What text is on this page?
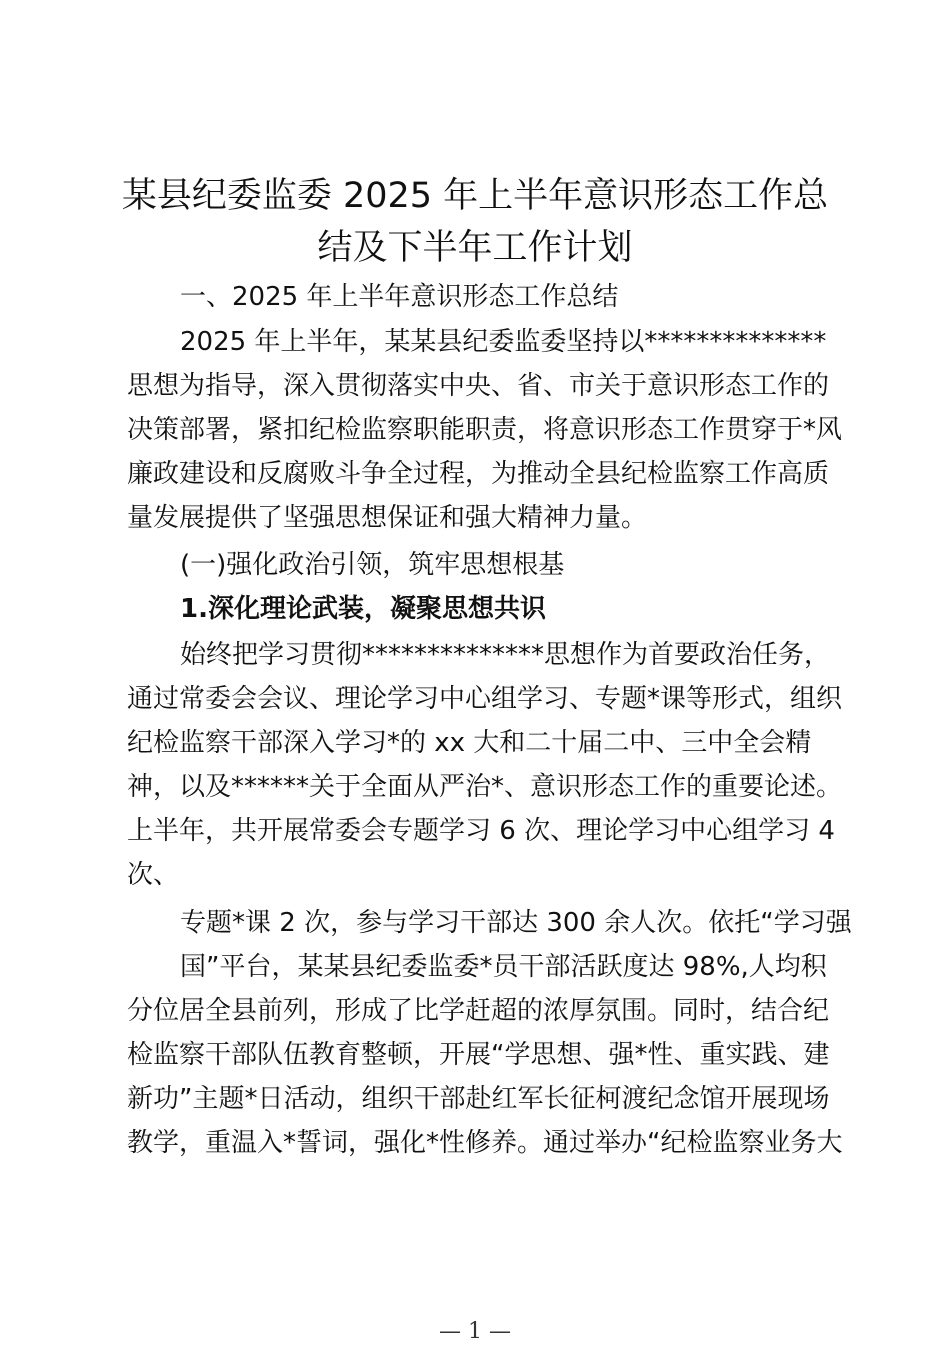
某县纪委监委 2025 年上半年意识形态工作总
结及下半年工作计划
一、2025 年上半年意识形态工作总结
2025 年上半年，某某县纪委监委坚持以**************
思想为指导，深入贯彻落实中央、省、市关于意识形态工作的
决策部署，紧扣纪检监察职能职责，将意识形态工作贯穿于*风
廉政建设和反腐败斗争全过程，为推动全县纪检监察工作高质
量发展提供了坚强思想保证和强大精神力量。
(一)强化政治引领，筑牢思想根基
1.深化理论武装，凝聚思想共识
始终把学习贯彻**************思想作为首要政治任务，
通过常委会会议、理论学习中心组学习、专题*课等形式，组织
纪检监察干部深入学习*的 xx 大和二十届二中、三中全会精
神，以及******关于全面从严治*、意识形态工作的重要论述。
上半年，共开展常委会专题学习 6 次、理论学习中心组学习 4
次、
专题*课 2 次，参与学习干部达 300 余人次。依托“学习强
国”平台，某某县纪委监委*员干部活跃度达 98%,人均积
分位居全县前列，形成了比学赶超的浓厚氛围。同时，结合纪
检监察干部队伍教育整顿，开展“学思想、强*性、重实践、建
新功”主题*日活动，组织干部赴红军长征柯渡纪念馆开展现场
教学，重温入*誓词，强化*性修养。通过举办“纪检监察业务大
— 1 —
